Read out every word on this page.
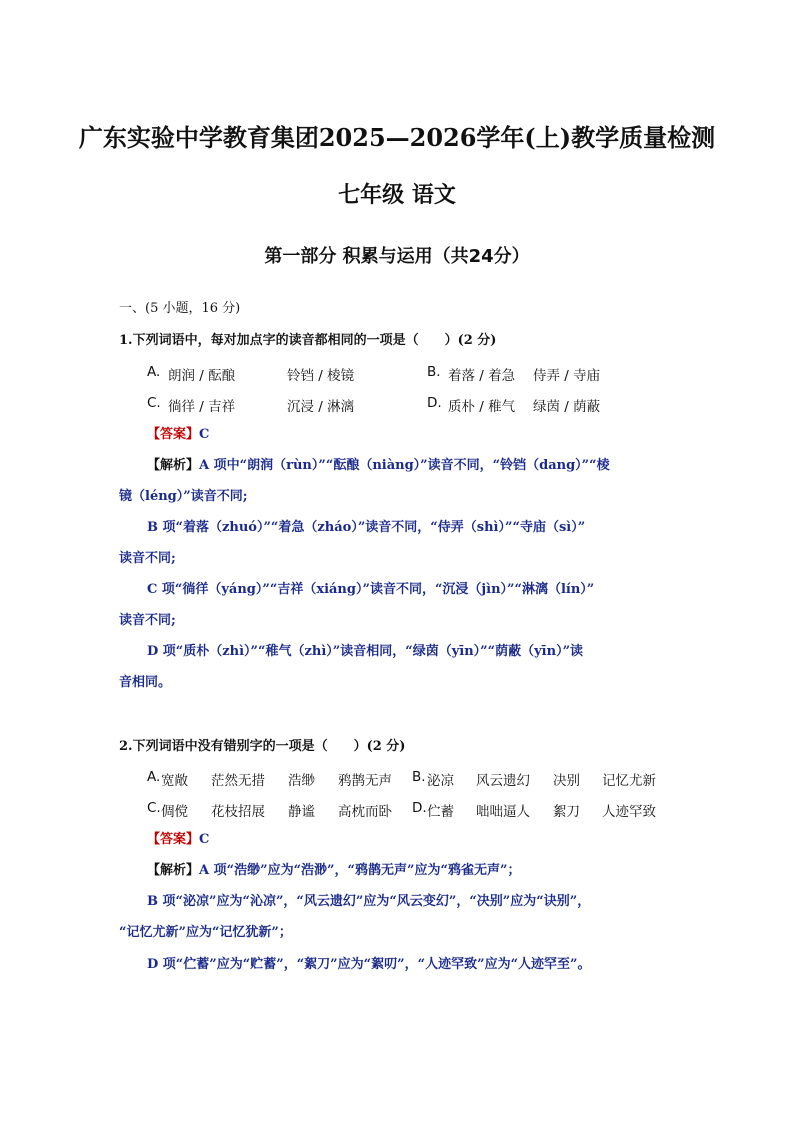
广东实验中学教育集团2025—2026学年(上)教学质量检测
七年级 语文
第一部分 积累与运用（共24分）
一、(5 小题，16 分)
1.下列词语中，每对加点字的读音都相同的一项是（　　）(2 分)
A. 朗润 / 酝酿	铃铛 / 棱镜	B. 着落 / 着急 侍弄 / 寺庙
C. 徜徉 / 吉祥	沉浸 / 淋漓	D. 质朴 / 稚气 绿茵 / 荫蔽
【答案】C
【解析】A 项中“朗润（rùn）”“酝酿（niàng）”读音不同，“铃铛（dang）”“棱
镜（léng）”读音不同;
B 项“着落（zhuó）”“着急（zháo）”读音不同，“侍弄（shì）”“寺庙（sì）”
读音不同;
C 项“徜徉（yáng）”“吉祥（xiáng）”读音不同，“沉浸（jìn）”“淋漓（lín）”
读音不同;
D 项“质朴（zhì）”“稚气（zhì）”读音相同，“绿茵（yīn）”“荫蔽（yīn）”读
音相同。
2.下列词语中没有错别字的一项是（　　）(2 分)
A. 宽敞 茫然无措 浩缈 鸦鹊无声 B. 泌凉 风云遗幻 决别 记忆尤新
C. 倜傥 花枝招展 静谧 高枕而卧 D. 伫蓄 咄咄逼人 絮刀 人迹罕致
【答案】C
【解析】A 项“浩缈”应为“浩渺”，“鸦鹊无声”应为“鸦雀无声”；
B 项“泌凉”应为“沁凉”，“风云遗幻”应为“风云变幻”，“决别”应为“诀别”，
“记忆尤新”应为“记忆犹新”；
D 项“伫蓄”应为“贮蓄”，“絮刀”应为“絮叨”，“人迹罕致”应为“人迹罕至”。
